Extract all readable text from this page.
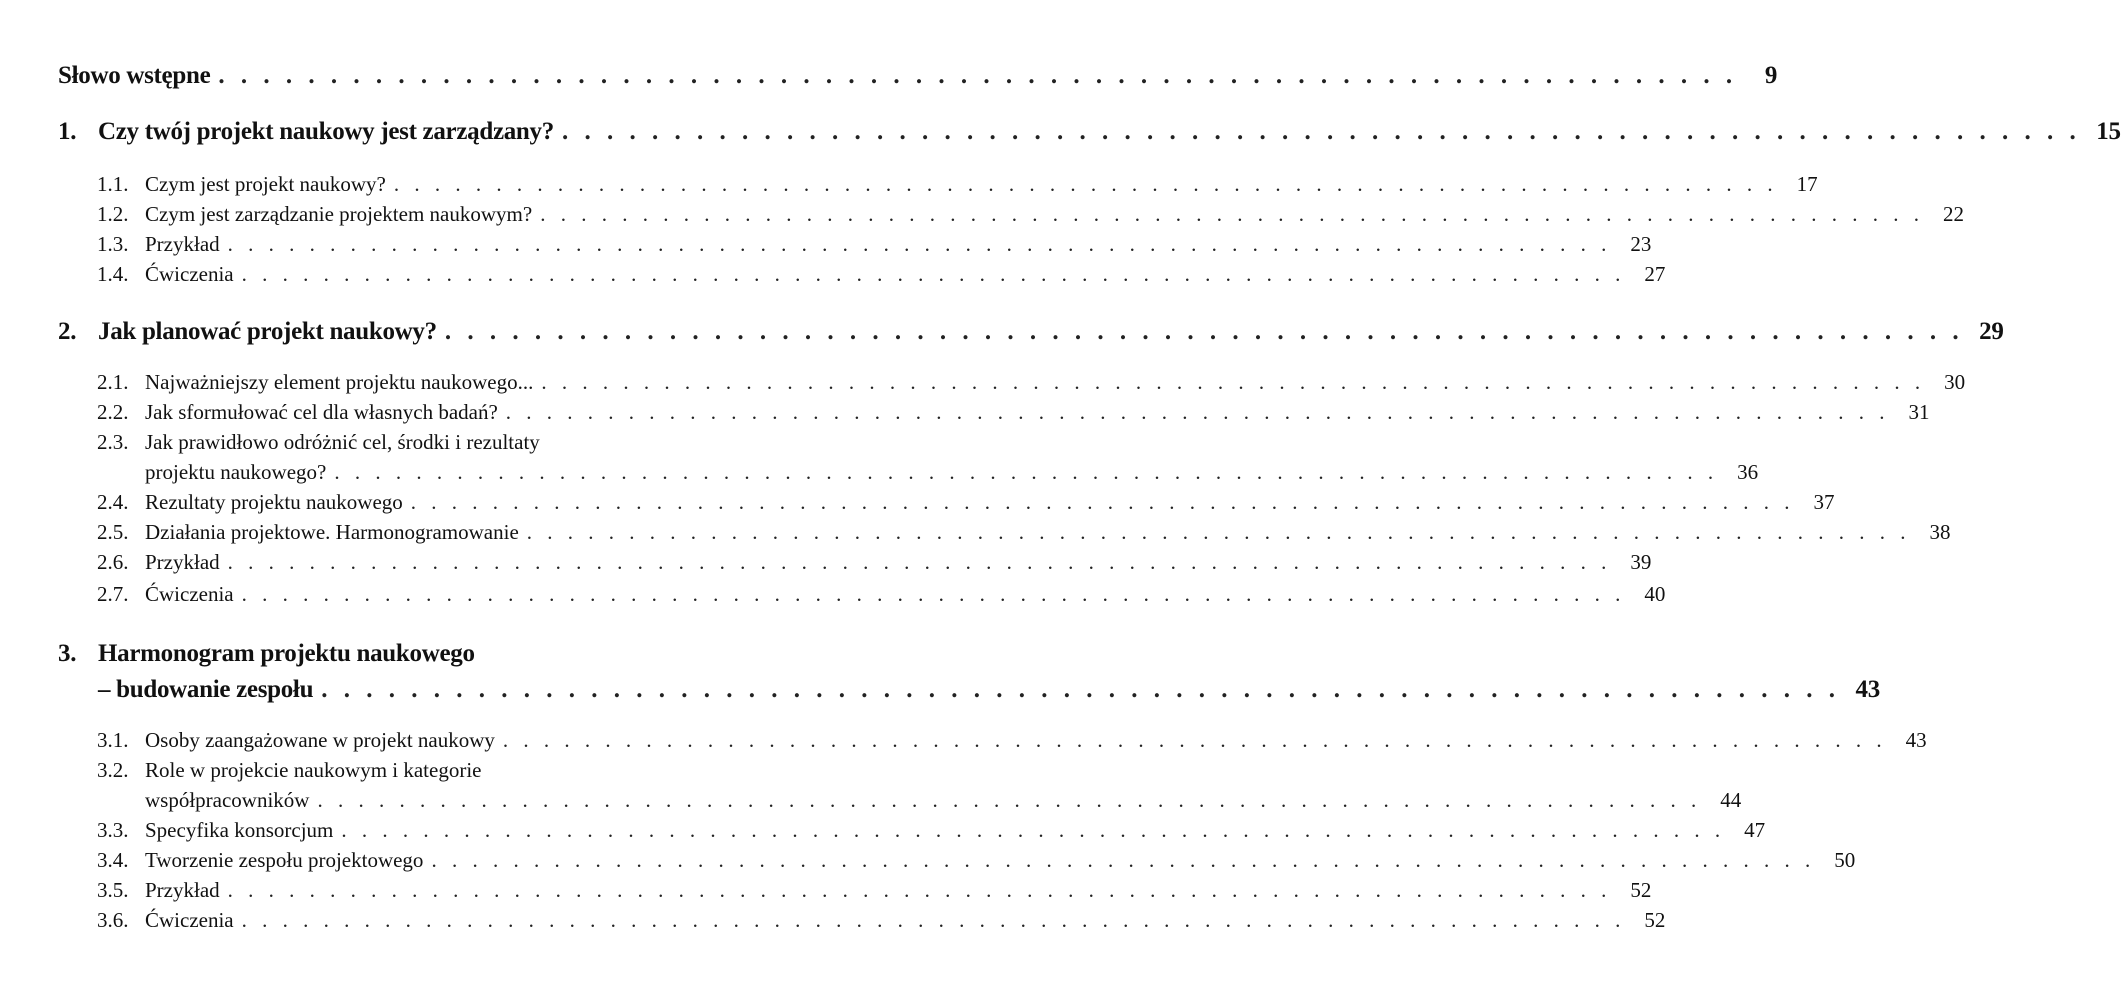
Słowo wstępne . . .	9
1. Czy twój projekt naukowy jest zarządzany? . . .	15
1.1. Czym jest projekt naukowy? . . .	17
1.2. Czym jest zarządzanie projektem naukowym? . . .	22
1.3. Przykład . . .	23
1.4. Ćwiczenia . . .	27
2. Jak planować projekt naukowy? . . .	29
2.1. Najważniejszy element projektu naukowego... . . .	30
2.2. Jak sformułować cel dla własnych badań? . . .	31
2.3. Jak prawidłowo odróżnić cel, środki i rezultaty
projektu naukowego? . . .	36
2.4. Rezultaty projektu naukowego . . .	37
2.5. Działania projektowe. Harmonogramowanie . . .	38
2.6. Przykład . . .	39
2.7. Ćwiczenia . . .	40
3. Harmonogram projektu naukowego
– budowanie zespołu . . .	43
3.1. Osoby zaangażowane w projekt naukowy . . .	43
3.2. Role w projekcie naukowym i kategorie
współpracowników . . .	44
3.3. Specyfika konsorcjum . . .	47
3.4. Tworzenie zespołu projektowego . . .	50
3.5. Przykład . . .	52
3.6. Ćwiczenia . . .	52
